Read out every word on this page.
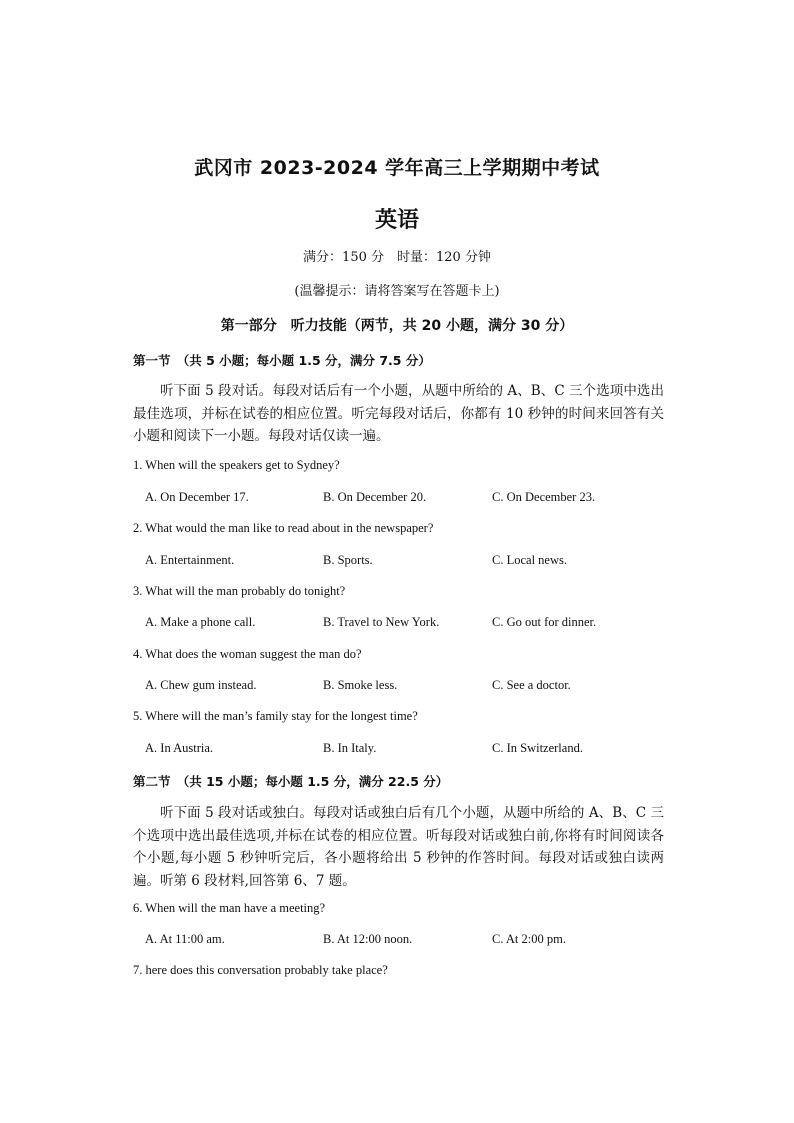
武冈市 2023-2024 学年高三上学期期中考试
英语
满分：150 分　时量：120 分钟
(温馨提示：请将答案写在答题卡上)
第一部分　听力技能（两节，共 20 小题，满分 30 分）
第一节　（共 5 小题；每小题 1.5 分，满分 7.5 分）
听下面 5 段对话。每段对话后有一个小题，从题中所给的 A、B、C 三个选项中选出最佳选项，并标在试卷的相应位置。听完每段对话后，你都有 10 秒钟的时间来回答有关小题和阅读下一小题。每段对话仅读一遍。
1. When will the speakers get to Sydney?
A. On December 17.	B. On December 20.	C. On December 23.
2. What would the man like to read about in the newspaper?
A. Entertainment.	B. Sports.	C. Local news.
3. What will the man probably do tonight?
A. Make a phone call.	B. Travel to New York.	C. Go out for dinner.
4. What does the woman suggest the man do?
A. Chew gum instead.	B. Smoke less.	C. See a doctor.
5. Where will the man’s family stay for the longest time?
A. In Austria.	B. In Italy.	C. In Switzerland.
第二节　（共 15 小题；每小题 1.5 分，满分 22.5 分）
听下面 5 段对话或独白。每段对话或独白后有几个小题，从题中所给的 A、B、C 三个选项中选出最佳选项,并标在试卷的相应位置。听每段对话或独白前,你将有时间阅读各个小题,每小题 5 秒钟听完后，各小题将给出 5 秒钟的作答时间。每段对话或独白读两遍。听第 6 段材料,回答第 6、7 题。
6. When will the man have a meeting?
A. At 11:00 am.	B. At 12:00 noon.	C. At 2:00 pm.
7. here does this conversation probably take place?
